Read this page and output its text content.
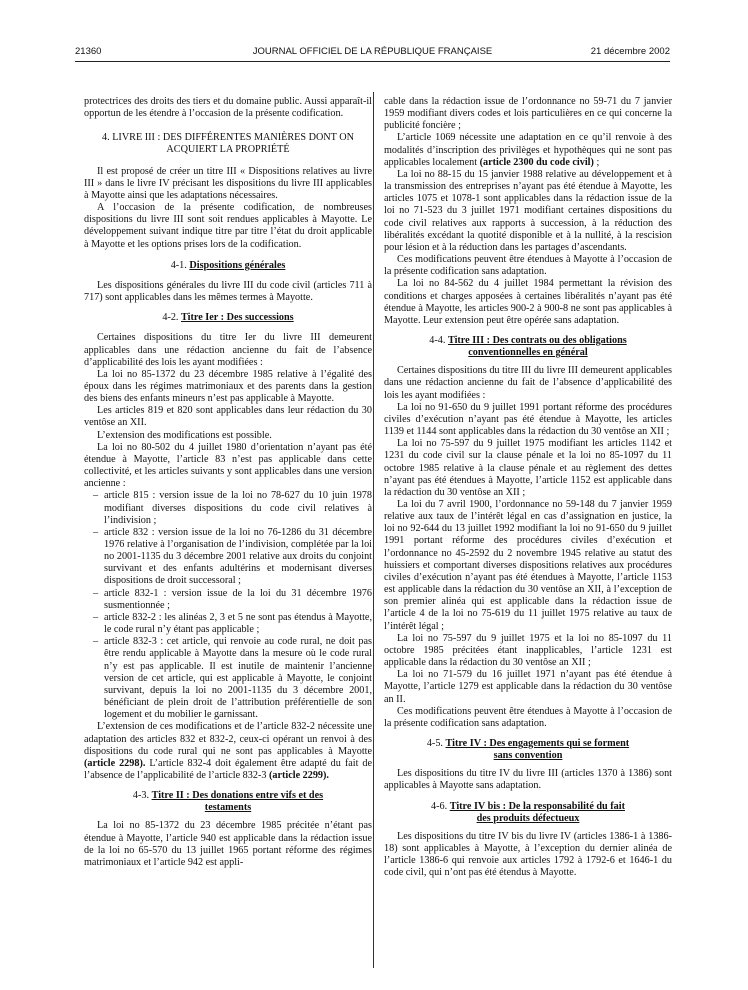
21360	JOURNAL OFFICIEL DE LA RÉPUBLIQUE FRANÇAISE	21 décembre 2002

protectrices des droits des tiers et du domaine public. Aussi apparaît-il opportun de les étendre à l’occasion de la présente codification.

4. LIVRE III : DES DIFFÉRENTES MANIÈRES DONT ON ACQUIERT LA PROPRIÉTÉ

Il est proposé de créer un titre III « Dispositions relatives au livre III » dans le livre IV précisant les dispositions du livre III applicables à Mayotte ainsi que les adaptations nécessaires.

A l’occasion de la présente codification, de nombreuses dispositions du livre III sont soit rendues applicables à Mayotte. Le développement suivant indique titre par titre l’état du droit applicable à Mayotte et les options prises lors de la codification.

4-1. Dispositions générales

Les dispositions générales du livre III du code civil (articles 711 à 717) sont applicables dans les mêmes termes à Mayotte.

4-2. Titre Ier : Des successions

Certaines dispositions du titre Ier du livre III demeurent applicables dans une rédaction ancienne du fait de l’absence d’applicabilité des lois les ayant modifiées :

La loi no 85-1372 du 23 décembre 1985 relative à l’égalité des époux dans les régimes matrimoniaux et des parents dans la gestion des biens des enfants mineurs n’est pas applicable à Mayotte.

Les articles 819 et 820 sont applicables dans leur rédaction du 30 ventôse an XII.

L’extension des modifications est possible.

La loi no 80-502 du 4 juillet 1980 d’orientation n’ayant pas été étendue à Mayotte, l’article 83 n’est pas applicable dans cette collectivité, et les articles suivants y sont applicables dans une version ancienne :

– article 815 : version issue de la loi no 78-627 du 10 juin 1978 modifiant diverses dispositions du code civil relatives à l’indivision ;
– article 832 : version issue de la loi no 76-1286 du 31 décembre 1976 relative à l’organisation de l’indivision, complétée par la loi no 2001-1135 du 3 décembre 2001 relative aux droits du conjoint survivant et des enfants adultérins et modernisant diverses dispositions de droit successoral ;
– article 832-1 : version issue de la loi du 31 décembre 1976 susmentionnée ;
– article 832-2 : les alinéas 2, 3 et 5 ne sont pas étendus à Mayotte, le code rural n’y étant pas applicable ;
– article 832-3 : cet article, qui renvoie au code rural, ne doit pas être rendu applicable à Mayotte dans la mesure où le code rural n’y est pas applicable. Il est inutile de maintenir l’ancienne version de cet article, qui est applicable à Mayotte, le conjoint survivant, depuis la loi no 2001-1135 du 3 décembre 2001, bénéficiant de plein droit de l’attribution préférentielle de son logement et du mobilier le garnissant.

L’extension de ces modifications et de l’article 832-2 nécessite une adaptation des articles 832 et 832-2, ceux-ci opérant un renvoi à des dispositions du code rural qui ne sont pas applicables à Mayotte (article 2298). L’article 832-4 doit également être adapté du fait de l’absence de l’applicabilité de l’article 832-3 (article 2299).

4-3. Titre II : Des donations entre vifs et des testaments

La loi no 85-1372 du 23 décembre 1985 précitée n’étant pas étendue à Mayotte, l’article 940 est applicable dans la rédaction issue de la loi no 65-570 du 13 juillet 1965 portant réforme des régimes matrimoniaux et l’article 942 est appli-

cable dans la rédaction issue de l’ordonnance no 59-71 du 7 janvier 1959 modifiant divers codes et lois particulières en ce qui concerne la publicité foncière ;

L’article 1069 nécessite une adaptation en ce qu’il renvoie à des modalités d’inscription des privilèges et hypothèques qui ne sont pas applicables localement (article 2300 du code civil) ;

La loi no 88-15 du 15 janvier 1988 relative au développement et à la transmission des entreprises n’ayant pas été étendue à Mayotte, les articles 1075 et 1078-1 sont applicables dans la rédaction issue de la loi no 71-523 du 3 juillet 1971 modifiant certaines dispositions du code civil relatives aux rapports à succession, à la réduction des libéralités excédant la quotité disponible et à la nullité, à la rescision pour lésion et à la réduction dans les partages d’ascendants.

Ces modifications peuvent être étendues à Mayotte à l’occasion de la présente codification sans adaptation.

La loi no 84-562 du 4 juillet 1984 permettant la révision des conditions et charges apposées à certaines libéralités n’ayant pas été étendue à Mayotte, les articles 900-2 à 900-8 ne sont pas applicables à Mayotte. Leur extension peut être opérée sans adaptation.

4-4. Titre III : Des contrats ou des obligations conventionnelles en général

Certaines dispositions du titre III du livre III demeurent applicables dans une rédaction ancienne du fait de l’absence d’applicabilité des lois les ayant modifiées :

La loi no 91-650 du 9 juillet 1991 portant réforme des procédures civiles d’exécution n’ayant pas été étendue à Mayotte, les articles 1139 et 1144 sont applicables dans la rédaction du 30 ventôse an XII ;

La loi no 75-597 du 9 juillet 1975 modifiant les articles 1142 et 1231 du code civil sur la clause pénale et la loi no 85-1097 du 11 octobre 1985 relative à la clause pénale et au règlement des dettes n’ayant pas été étendues à Mayotte, l’article 1152 est applicable dans la rédaction du 30 ventôse an XII ;

La loi du 7 avril 1900, l’ordonnance no 59-148 du 7 janvier 1959 relative aux taux de l’intérêt légal en cas d’assignation en justice, la loi no 92-644 du 13 juillet 1992 modifiant la loi no 91-650 du 9 juillet 1991 portant réforme des procédures civiles d’exécution et l’ordonnance no 45-2592 du 2 novembre 1945 relative au statut des huissiers et comportant diverses dispositions relatives aux procédures civiles d’exécution n’ayant pas été étendues à Mayotte, l’article 1153 est applicable dans la rédaction du 30 ventôse an XII, à l’exception de son premier alinéa qui est applicable dans la rédaction issue de l’article 4 de la loi no 75-619 du 11 juillet 1975 relative au taux de l’intérêt légal ;

La loi no 75-597 du 9 juillet 1975 et la loi no 85-1097 du 11 octobre 1985 précitées étant inapplicables, l’article 1231 est applicable dans la rédaction du 30 ventôse an XII ;

La loi no 71-579 du 16 juillet 1971 n’ayant pas été étendue à Mayotte, l’article 1279 est applicable dans la rédaction du 30 ventôse an II.

Ces modifications peuvent être étendues à Mayotte à l’occasion de la présente codification sans adaptation.

4-5. Titre IV : Des engagements qui se forment sans convention

Les dispositions du titre IV du livre III (articles 1370 à 1386) sont applicables à Mayotte sans adaptation.

4-6. Titre IV bis : De la responsabilité du fait des produits défectueux

Les dispositions du titre IV bis du livre IV (articles 1386-1 à 1386-18) sont applicables à Mayotte, à l’exception du dernier alinéa de l’article 1386-6 qui renvoie aux articles 1792 à 1792-6 et 1646-1 du code civil, qui n’ont pas été étendus à Mayotte.
